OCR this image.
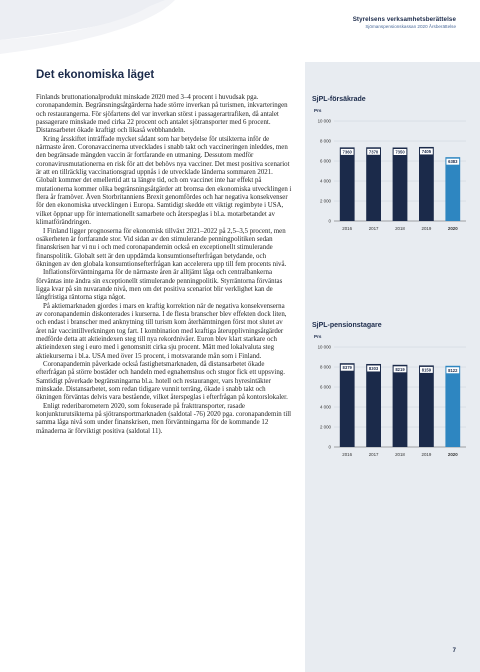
Styrelsens verksamhetsberättelse
Sjömanspensionskassan 2020 Årsberättelse
Det ekonomiska läget

Finlands bruttonationalprodukt minskade 2020 med 3–4 procent i huvudsak pga. coronapandemin. Begränsningsåtgärderna hade större inverkan på turismen, inkvarteringen och restaurangerna. För sjöfartens del var inverkan störst i passagerartrafiken, då antalet passagerare minskade med cirka 22 procent och antalet sjötransporter med 6 procent. Distansarbetet ökade kraftigt och likaså webbhandeln.

Kring årsskiftet inträffade mycket sådant som har betydelse för utsikterna inför de närmaste åren. Coronavaccinerna utvecklades i snabb takt och vaccineringen inleddes, men den begränsade mängden vaccin är fortfarande en utmaning. Dessutom medför coronavirusmutationerna en risk för att det behövs nya vacciner. Det mest positiva scenariot är att en tillräcklig vaccinationsgrad uppnås i de utvecklade länderna sommaren 2021. Globalt kommer det emellertid att ta längre tid, och om vaccinet inte har effekt på mutationerna kommer olika begränsningsåtgärder att bromsa den ekonomiska utvecklingen i flera år framöver. Även Storbritanniens Brexit genomfördes och har negativa konsekvenser för den ekonomiska utvecklingen i Europa. Samtidigt skedde ett viktigt regimbyte i USA, vilket öppnar upp för internationellt samarbete och återspeglas i bl.a. motarbetandet av klimatförändringen.

I Finland ligger prognoserna för ekonomisk tillväxt 2021–2022 på 2,5–3,5 procent, men osäkerheten är fortfarande stor. Vid sidan av den stimulerande penningpolitiken sedan finanskrisen har vi nu i och med coronapandemin också en exceptionellt stimulerande finanspolitik. Globalt sett är den uppdämda konsumtionsefterfrågan betydande, och ökningen av den globala konsumtionsefterfrågan kan accelerera upp till fem procents nivå.

Inflationsförväntningarna för de närmaste åren är alltjämt låga och centralbankerna förväntas inte ändra sin exceptionellt stimulerande penningpolitik. Styrräntorna förväntas ligga kvar på sin nuvarande nivå, men om det positiva scenariot blir verklighet kan de långfristiga räntorna stiga något.

På aktiemarknaden gjordes i mars en kraftig korrektion när de negativa konsekvenserna av coronapandemin diskonterades i kurserna. I de flesta branscher blev effekten dock liten, och endast i branscher med anknytning till turism kom återhämtningen först mot slutet av året när vaccintillverkningen tog fart. I kombination med kraftiga återupplivningsåtgärder medförde detta att aktieindexen steg till nya rekordnivåer. Euron blev klart starkare och aktieindexen steg i euro med i genomsnitt cirka sju procent. Mätt med lokalvaluta steg aktiekurserna i bl.a. USA med över 15 procent, i motsvarande mån som i Finland.

Coronapandemin påverkade också fastighetsmarknaden, då distansarbetet ökade efterfrågan på större bostäder och handeln med egnahemshus och stugor fick ett uppsving. Samtidigt påverkade begränsningarna bl.a. hotell och restauranger, vars hyresintäkter minskade. Distansarbetet, som redan tidigare vunnit terräng, ökade i snabb takt och ökningen förväntas delvis vara bestående, vilket återspeglas i efterfrågan på kontorslokaler.

Enligt rederibarometern 2020, som fokuserade på frakttransporter, rasade konjunkturutsikterna på sjötransportmarknaden (saldotal -76) 2020 pga. coronapandemin till samma låga nivå som under finanskrisen, men förväntningarna för de kommande 12 månaderna är förviktigt positiva (saldotal 11).

SjPL-försäkrade
Prs
0
2 000
4 000
6 000
8 000
10 000
7360
2016
7370
2017
7350
2018
7405
2019
6383
2020
SjPL-pensionstagare
Prs
0
2 000
4 000
6 000
8 000
10 000
8379
2016
8303
2017
8219
2018
8159
2019
8122
2020
7
